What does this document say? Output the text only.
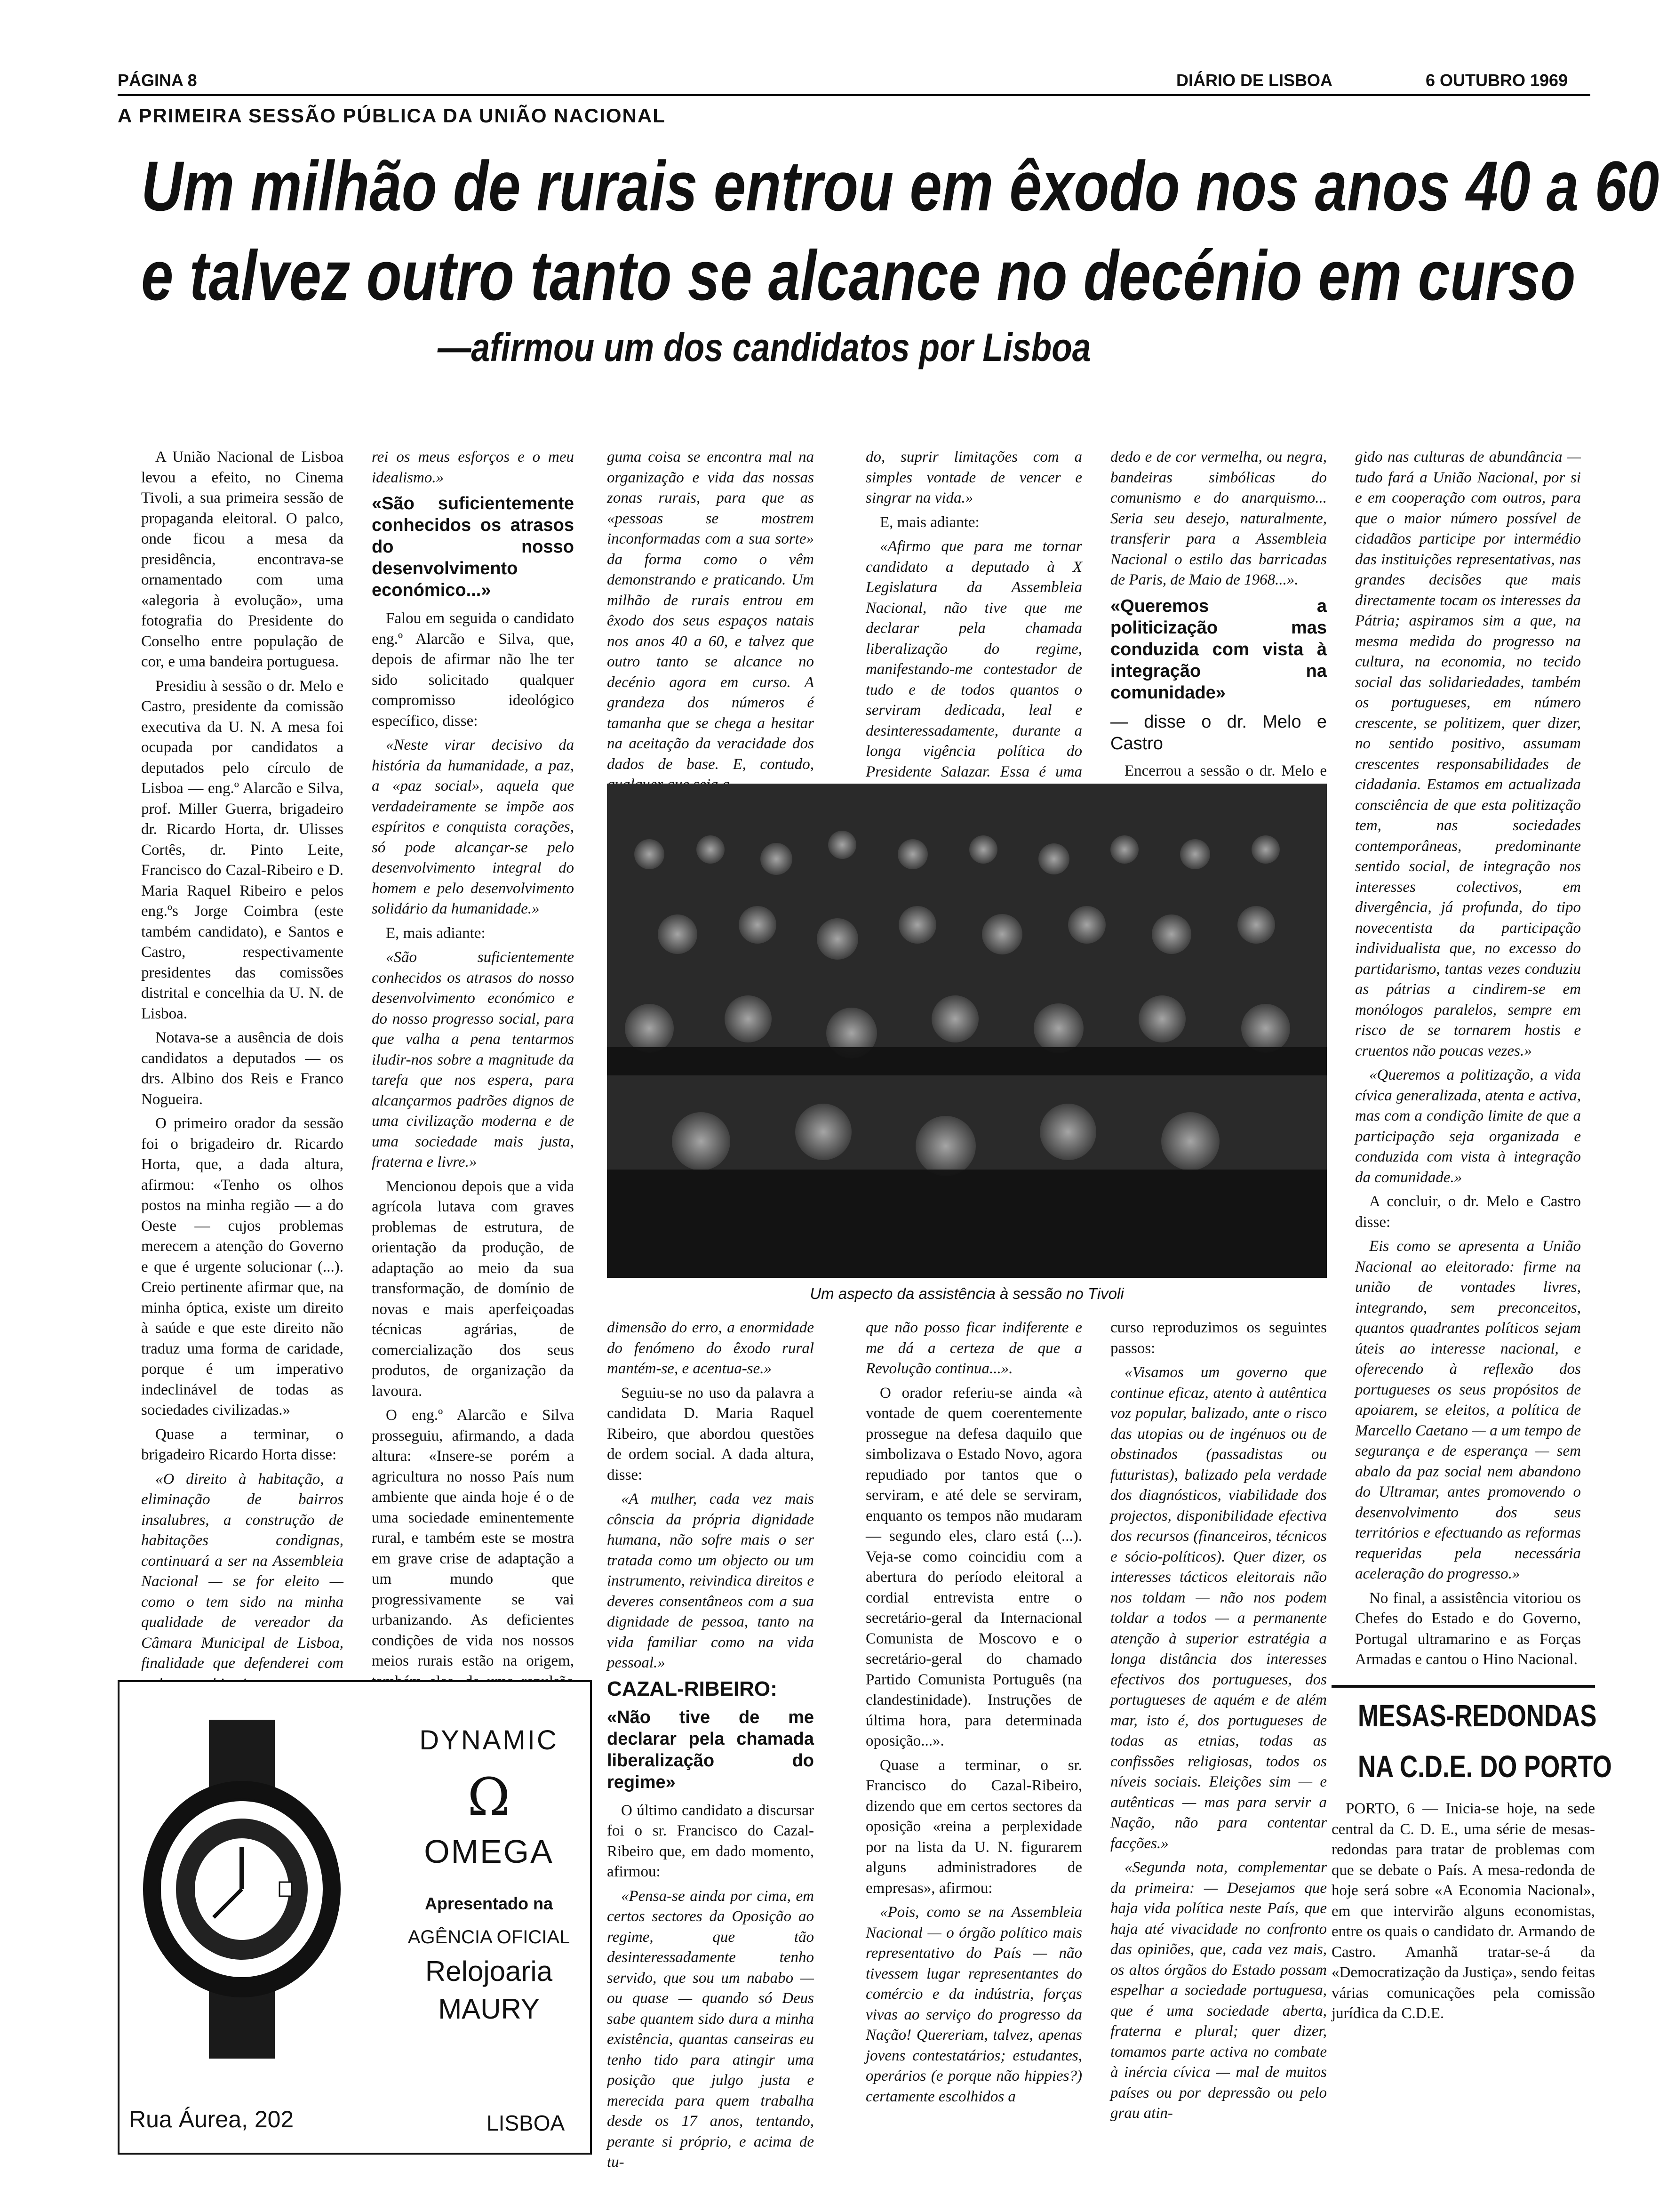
PÁGINA 8	DIÁRIO DE LISBOA	6 OUTUBRO 1969
A PRIMEIRA SESSÃO PÚBLICA DA UNIÃO NACIONAL
Um milhão de rurais entrou em êxodo nos anos 40 a 60
e talvez outro tanto se alcance no decénio em curso
—afirmou um dos candidatos por Lisboa

A União Nacional de Lisboa levou a efeito, no Cinema Tivoli, a sua primeira sessão de propaganda eleitoral. O palco, onde ficou a mesa da presidência, encontrava-se ornamentado com uma «alegoria à evolução», uma fotografia do Presidente do Conselho entre população de cor, e uma bandeira portuguesa.

Presidiu à sessão o dr. Melo e Castro, presidente da comissão executiva da U. N. A mesa foi ocupada por candidatos a deputados pelo círculo de Lisboa — eng.º Alarcão e Silva, prof. Miller Guerra, brigadeiro dr. Ricardo Horta, dr. Ulisses Cortês, dr. Pinto Leite, Francisco do Cazal-Ribeiro e D. Maria Raquel Ribeiro e pelos eng.ºs Jorge Coimbra (este também candidato), e Santos e Castro, respectivamente presidentes das comissões distrital e concelhia da U. N. de Lisboa.

Notava-se a ausência de dois candidatos a deputados — os drs. Albino dos Reis e Franco Nogueira.

O primeiro orador da sessão foi o brigadeiro dr. Ricardo Horta, que, a dada altura, afirmou: «Tenho os olhos postos na minha região — a do Oeste — cujos problemas merecem a atenção do Governo e que é urgente solucionar (...). Creio pertinente afirmar que, na minha óptica, existe um direito à saúde e que este direito não traduz uma forma de caridade, porque é um imperativo indeclinável de todas as sociedades civilizadas.»

Quase a terminar, o brigadeiro Ricardo Horta disse:

«O direito à habitação, a eliminação de bairros insalubres, a construção de habitações condignas, continuará a ser na Assembleia Nacional — se for eleito — como o tem sido na minha qualidade de vereador da Câmara Municipal de Lisboa, finalidade que defenderei com

rei os meus esforços e o meu idealismo.»

«São suficientemente conhecidos os atrasos do nosso desenvolvimento económico...»

Falou em seguida o candidato eng.º Alarcão e Silva, que, depois de afirmar não lhe ter sido solicitado qualquer compromisso ideológico específico, disse:

«Neste virar decisivo da história da humanidade, a paz, a «paz social», aquela que verdadeiramente se impõe aos espíritos e conquista corações, só pode alcançar-se pelo desenvolvimento integral do homem e pelo desenvolvimento solidário da humanidade.»

E, mais adiante:

«São suficientemente conhecidos os atrasos do nosso desenvolvimento económico e do nosso progresso social, para que valha a pena tentarmos iludir-nos sobre a magnitude da tarefa que nos espera, para alcançarmos padrões dignos de uma civilização moderna e de uma sociedade mais justa, fraterna e livre.»

Mencionou depois que a vida agrícola lutava com graves problemas de estrutura, de orientação da produção, de adaptação ao meio da sua transformação, de domínio de novas e mais aperfeiçoadas técnicas agrárias, de comercialização dos seus produtos, de organização da lavoura.

O eng.º Alarcão e Silva prosseguiu, afirmando, a dada altura: «Insere-se porém a agricultura no nosso País num ambiente que ainda hoje é o de uma sociedade eminentemente rural, e também este se mostra em grave crise de adaptação a um mundo que progressivamente se vai urbanizando. As deficientes condições de vida nos nossos meios rurais estão na origem,

guma coisa se encontra mal na organização e vida das nossas zonas rurais, para que as «pessoas se mostrem inconformadas com a sua sorte» da forma como o vêm demonstrando e praticando. Um milhão de rurais entrou em êxodo dos seus espaços natais nos anos 40 a 60, e talvez que outro tanto se alcance no decénio agora em curso. A grandeza dos números é tamanha que se chega a hesitar na aceitação da veracidade dos dados de base. E, contudo,

do, suprir limitações com a simples vontade de vencer e singrar na vida.»

E, mais adiante:

«Afirmo que para me tornar candidato a deputado à X Legislatura da Assembleia Nacional, não tive que me declarar pela chamada liberalização do regime, manifestando-me contestador de tudo e de todos quantos o serviram dedicada, leal e desinteressadamente, durante a longa vigência política do Presidente Salazar. Essa é uma

dedo e de cor vermelha, ou negra, bandeiras simbólicas do comunismo e do anarquismo... Seria seu desejo, naturalmente, transferir para a Assembleia Nacional o estilo das barricadas de Paris, de Maio de 1968...».

«Queremos a politicização mas conduzida com vista à integração na comunidade»
— disse o dr. Melo e Castro

Encerrou a sessão o dr. Melo e

Um aspecto da assistência à sessão no Tivoli

dimensão do erro, a enormidade do fenómeno do êxodo rural mantém-se, e acentua-se.»

Seguiu-se no uso da palavra a candidata D. Maria Raquel Ribeiro, que abordou questões de ordem social. A dada altura, disse:

«A mulher, cada vez mais cônscia da própria dignidade humana, não sofre mais o ser tratada como um objecto ou um instrumento, reivindica direitos e deveres consentâneos com a sua dignidade de pessoa, tanto na vida familiar como na vida pessoal.»

CAZAL-RIBEIRO:
«Não tive de me declarar pela chamada liberalização do regime»

O último candidato a discursar foi o sr. Francisco do Cazal-Ribeiro que, em dado momento, afirmou:

«Pensa-se ainda por cima, em certos sectores da Oposição ao regime, que tão desinteressadamente tenho servido, que sou um nababo — ou quase — quando só Deus sabe quantem sido dura a minha existência, quantas canseiras eu tenho tido para atingir uma posição que julgo justa e merecida para quem trabalha desde os 17 anos, tentando, perante si próprio, e acima de tu-

que não posso ficar indiferente e me dá a certeza de que a Revolução continua...».

O orador referiu-se ainda «à vontade de quem coerentemente prossegue na defesa daquilo que simbolizava o Estado Novo, agora repudiado por tantos que o serviram, e até dele se serviram, enquanto os tempos não mudaram — segundo eles, claro está (...). Veja-se como coincidiu com a abertura do período eleitoral a cordial entrevista entre o secretário-geral da Internacional Comunista de Moscovo e o secretário-geral do chamado Partido Comunista Português (na clandestinidade). Instruções de última hora, para determinada oposição...».

Quase a terminar, o sr. Francisco do Cazal-Ribeiro, dizendo que em certos sectores da oposição «reina a perplexidade por na lista da U. N. figurarem alguns administradores de empresas», afirmou:

«Pois, como se na Assembleia Nacional — o órgão político mais representativo do País — não tivessem lugar representantes do comércio e da indústria, forças vivas ao serviço do progresso da Nação! Quereriam, talvez, apenas jovens contestatários; estudantes, operários (e porque não hippies?) certamente escolhidos a

curso reproduzimos os seguintes passos:

«Visamos um governo que continue eficaz, atento à autêntica voz popular, balizado, ante o risco das utopias ou de ingénuos ou de obstinados (passadistas ou futuristas), balizado pela verdade dos diagnósticos, viabilidade dos projectos, disponibilidade efectiva dos recursos (financeiros, técnicos e sócio-políticos). Quer dizer, os interesses tácticos eleitorais não nos toldam — não nos podem toldar a todos — a permanente atenção à superior estratégia a longa distância dos interesses efectivos dos portugueses, dos portugueses de aquém e de além mar, isto é, dos portugueses de todas as etnias, todas as confissões religiosas, todos os níveis sociais. Eleições sim — e autênticas — mas para servir a Nação, não para contentar facções.»

«Segunda nota, complementar da primeira: — Desejamos que haja vida política neste País, que haja até vivacidade no confronto das opiniões, que, cada vez mais, os altos órgãos do Estado possam espelhar a sociedade portuguesa, que é uma sociedade aberta, fraterna e plural; quer dizer, tomamos parte activa no combate à inércia cívica — mal de muitos países ou por depressão ou pelo grau atin-

gido nas culturas de abundância — tudo fará a União Nacional, por si e em cooperação com outros, para que o maior número possível de cidadãos participe por intermédio das instituições representativas, nas grandes decisões que mais directamente tocam os interesses da Pátria; aspiramos sim a que, na mesma medida do progresso na cultura, na economia, no tecido social das solidariedades, também os portugueses, em número crescente, se politizem, quer dizer, no sentido positivo, assumam crescentes responsabilidades de cidadania. Estamos em actualizada consciência de que esta politização tem, nas sociedades contemporâneas, predominante sentido social, de integração nos interesses colectivos, em divergência, já profunda, do tipo novecentista da participação individualista que, no excesso do partidarismo, tantas vezes conduziu as pátrias a cindirem-se em monólogos paralelos, sempre em risco de se tornarem hostis e cruentos não poucas vezes.»

«Queremos a politização, a vida cívica generalizada, atenta e activa, mas com a condição limite de que a participação seja organizada e conduzida com vista à integração da comunidade.»

A concluir, o dr. Melo e Castro disse:

Eis como se apresenta a União Nacional ao eleitorado: firme na união de vontades livres, integrando, sem preconceitos, quantos quadrantes políticos sejam úteis ao interesse nacional, e oferecendo à reflexão dos portugueses os seus propósitos de apoiarem, se eleitos, a política de Marcello Caetano — a um tempo de segurança e de esperança — sem abalo da paz social nem abandono do Ultramar, antes promovendo o desenvolvimento dos seus territórios e efectuando as reformas requeridas pela necessária aceleração do progresso.»

No final, a assistência vitoriou os Chefes do Estado e do Governo, Portugal ultramarino e as Forças Armadas e cantou o Hino Nacional.

MESAS-REDONDAS
NA C.D.E. DO PORTO

PORTO, 6 — Inicia-se hoje, na sede central da C. D. E., uma série de mesas-redondas para tratar de problemas com que se debate o País. A mesa-redonda de hoje será sobre «A Economia Nacional», em que intervirão alguns economistas, entre os quais o candidato dr. Armando de Castro. Amanhã tratar-se-á da «Democratização da Justiça», sendo feitas várias comunicações pela comissão jurídica da C.D.E.

DYNAMIC
Ω
OMEGA
Apresentado na
AGÊNCIA OFICIAL
Relojoaria
MAURY
Rua Áurea, 202	LISBOA
